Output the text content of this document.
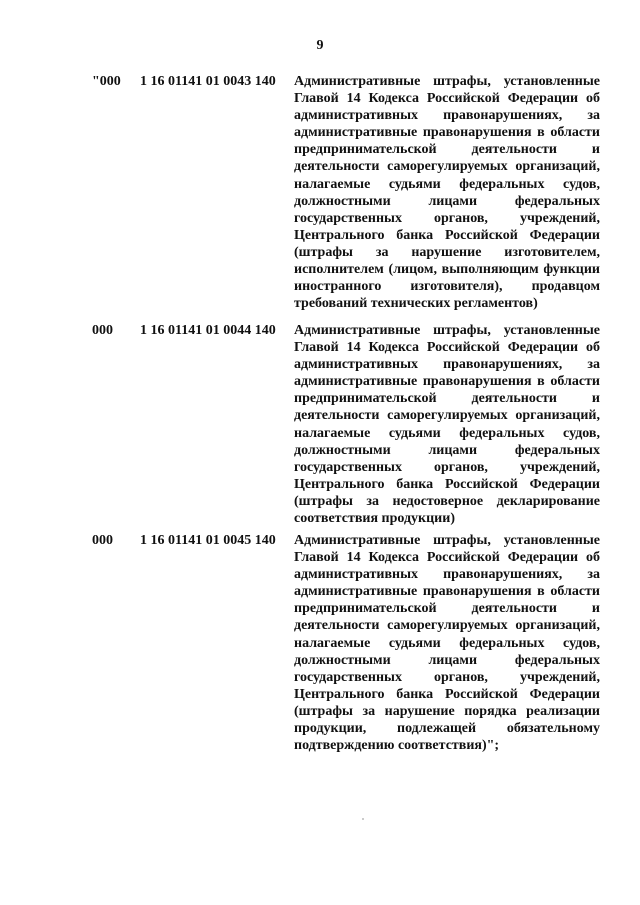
9
"000 1 16 01141 01 0043 140 Административные штрафы, установленные Главой 14 Кодекса Российской Федерации об административных правонарушениях, за административные правонарушения в области предпринимательской деятельности и деятельности саморегулируемых организаций, налагаемые судьями федеральных судов, должностными лицами федеральных государственных органов, учреждений, Центрального банка Российской Федерации (штрафы за нарушение изготовителем, исполнителем (лицом, выполняющим функции иностранного изготовителя), продавцом требований технических регламентов)

000 1 16 01141 01 0044 140 Административные штрафы, установленные Главой 14 Кодекса Российской Федерации об административных правонарушениях, за административные правонарушения в области предпринимательской деятельности и деятельности саморегулируемых организаций, налагаемые судьями федеральных судов, должностными лицами федеральных государственных органов, учреждений, Центрального банка Российской Федерации (штрафы за недостоверное декларирование соответствия продукции)

000 1 16 01141 01 0045 140 Административные штрафы, установленные Главой 14 Кодекса Российской Федерации об административных правонарушениях, за административные правонарушения в области предпринимательской деятельности и деятельности саморегулируемых организаций, налагаемые судьями федеральных судов, должностными лицами федеральных государственных органов, учреждений, Центрального банка Российской Федерации (штрафы за нарушение порядка реализации продукции, подлежащей обязательному подтверждению соответствия)";
